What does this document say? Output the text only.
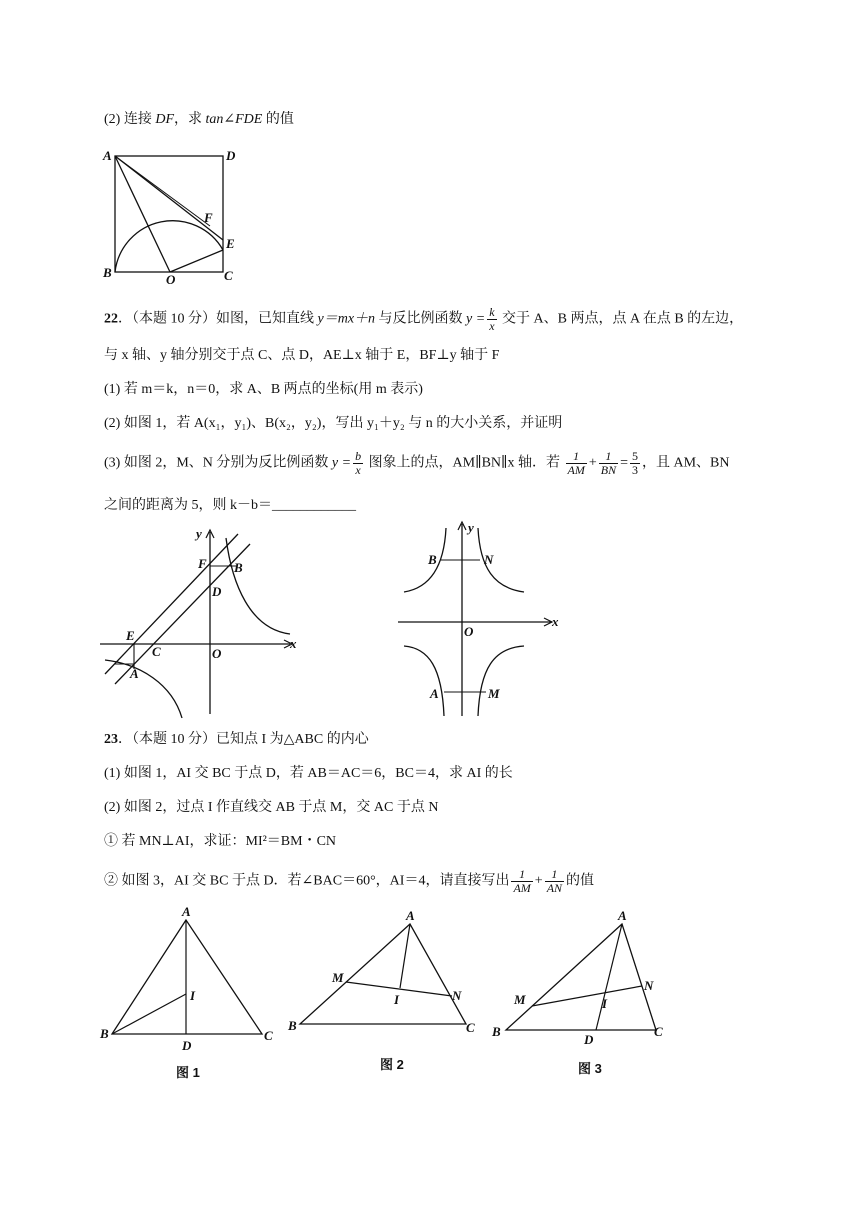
(2) 连接 DF，求 tan∠FDE 的值
A	D
F
E
B	O	C
22．（本题 10 分）如图，已知直线 y＝mx＋n 与反比例函数 $y = \frac{k}{x}$ 交于 A、B 两点，点 A 在点 B 的左边，
与 x 轴、y 轴分别交于点 C、点 D，AE⊥x 轴于 E，BF⊥y 轴于 F
(1) 若 m＝k，n＝0，求 A、B 两点的坐标(用 m 表示)
(2) 如图 1，若 A(x₁，y₁)、B(x₂，y₂)，写出 y₁＋y₂ 与 n 的大小关系，并证明
(3) 如图 2，M、N 分别为反比例函数 $y = \frac{b}{x}$ 图象上的点，AM∥BN∥x 轴．若 $\frac{1}{AM} + \frac{1}{BN} = \frac{5}{3}$ ，且 AM、BN
之间的距离为 5，则 k－b＝____________
y
F B
D
E
C	O
x
A
y
B	N
O
x
A	M
23．（本题 10 分）已知点 I 为△ABC 的内心
(1) 如图 1，AI 交 BC 于点 D，若 AB＝AC＝6，BC＝4，求 AI 的长
(2) 如图 2，过点 I 作直线交 AB 于点 M，交 AC 于点 N
① 若 MN⊥AI，求证：MI²＝BM・CN
② 如图 3，AI 交 BC 于点 D．若∠BAC＝60°，AI＝4，请直接写出 $\frac{1}{AM} + \frac{1}{AN}$ 的值
A
I
B
D
C
图 1
A
M
I	N
B	C
图 2
A
M	I
N
B
D
C
图 3
